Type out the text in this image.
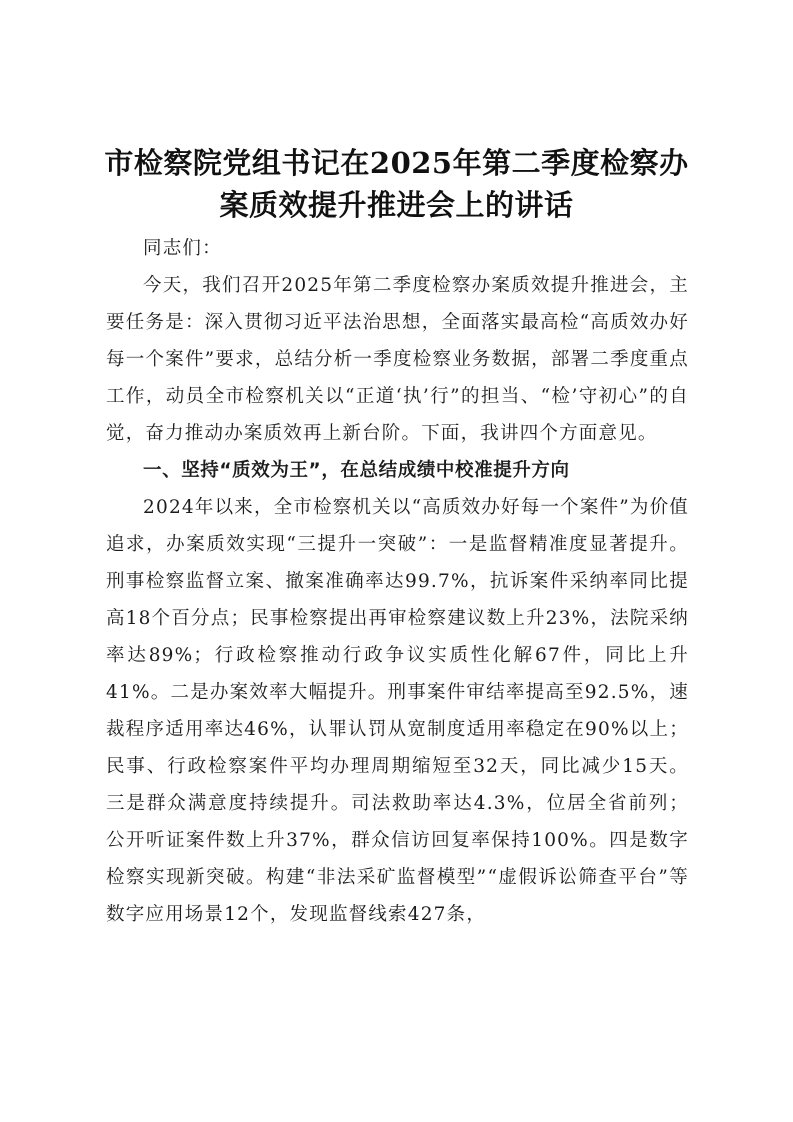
市检察院党组书记在2025年第二季度检察办
案质效提升推进会上的讲话

同志们：

今天，我们召开2025年第二季度检察办案质效提升推进会，主要任务是：深入贯彻习近平法治思想，全面落实最高检“高质效办好每一个案件”要求，总结分析一季度检察业务数据，部署二季度重点工作，动员全市检察机关以“正道‘执’行”的担当、“检’守初心”的自觉，奋力推动办案质效再上新台阶。下面，我讲四个方面意见。

一、坚持“质效为王”，在总结成绩中校准提升方向

2024年以来，全市检察机关以“高质效办好每一个案件”为价值追求，办案质效实现“三提升一突破”：一是监督精准度显著提升。刑事检察监督立案、撤案准确率达99.7%，抗诉案件采纳率同比提高18个百分点；民事检察提出再审检察建议数上升23%，法院采纳率达89%；行政检察推动行政争议实质性化解67件，同比上升41%。二是办案效率大幅提升。刑事案件审结率提高至92.5%，速裁程序适用率达46%，认罪认罚从宽制度适用率稳定在90%以上；民事、行政检察案件平均办理周期缩短至32天，同比减少15天。三是群众满意度持续提升。司法救助率达4.3%，位居全省前列；公开听证案件数上升37%，群众信访回复率保持100%。四是数字检察实现新突破。构建“非法采矿监督模型”“虚假诉讼筛查平台”等数字应用场景12个，发现监督线索427条，
